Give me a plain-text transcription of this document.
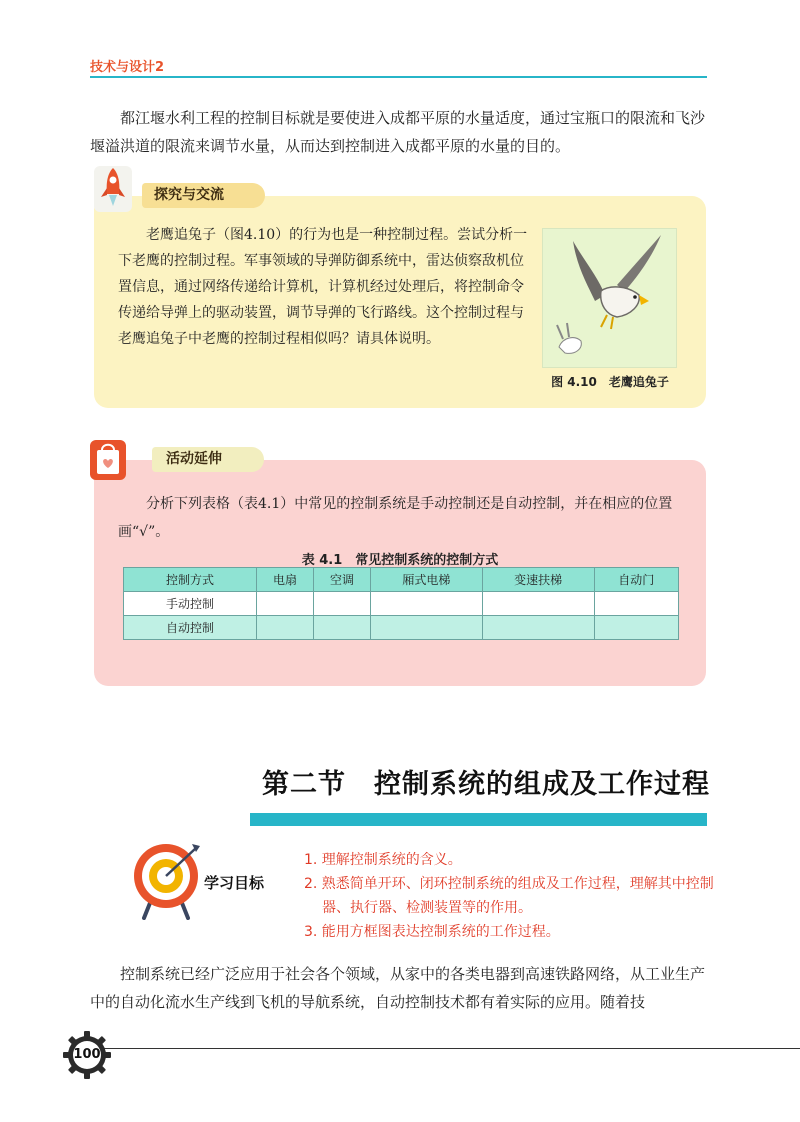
技术与设计2
都江堰水利工程的控制目标就是要使进入成都平原的水量适度，通过宝瓶口的限流和飞沙堰溢洪道的限流来调节水量，从而达到控制进入成都平原的水量的目的。
探究与交流
老鹰追兔子（图4.10）的行为也是一种控制过程。尝试分析一下老鹰的控制过程。军事领域的导弹防御系统中，雷达侦察敌机位置信息，通过网络传递给计算机，计算机经过处理后，将控制命令传递给导弹上的驱动装置，调节导弹的飞行路线。这个控制过程与老鹰追兔子中老鹰的控制过程相似吗？请具体说明。
图 4.10　老鹰追兔子
活动延伸
分析下列表格（表4.1）中常见的控制系统是手动控制还是自动控制，并在相应的位置画“√”。
表 4.1　常见控制系统的控制方式
控制方式	电扇	空调	厢式电梯	变速扶梯	自动门
手动控制					
自动控制					
第二节　控制系统的组成及工作过程
学习目标
1. 理解控制系统的含义。
2. 熟悉简单开环、闭环控制系统的组成及工作过程，理解其中控制器、执行器、检测装置等的作用。
3. 能用方框图表达控制系统的工作过程。
控制系统已经广泛应用于社会各个领域，从家中的各类电器到高速铁路网络，从工业生产中的自动化流水生产线到飞机的导航系统，自动控制技术都有着实际的应用。随着技
100
